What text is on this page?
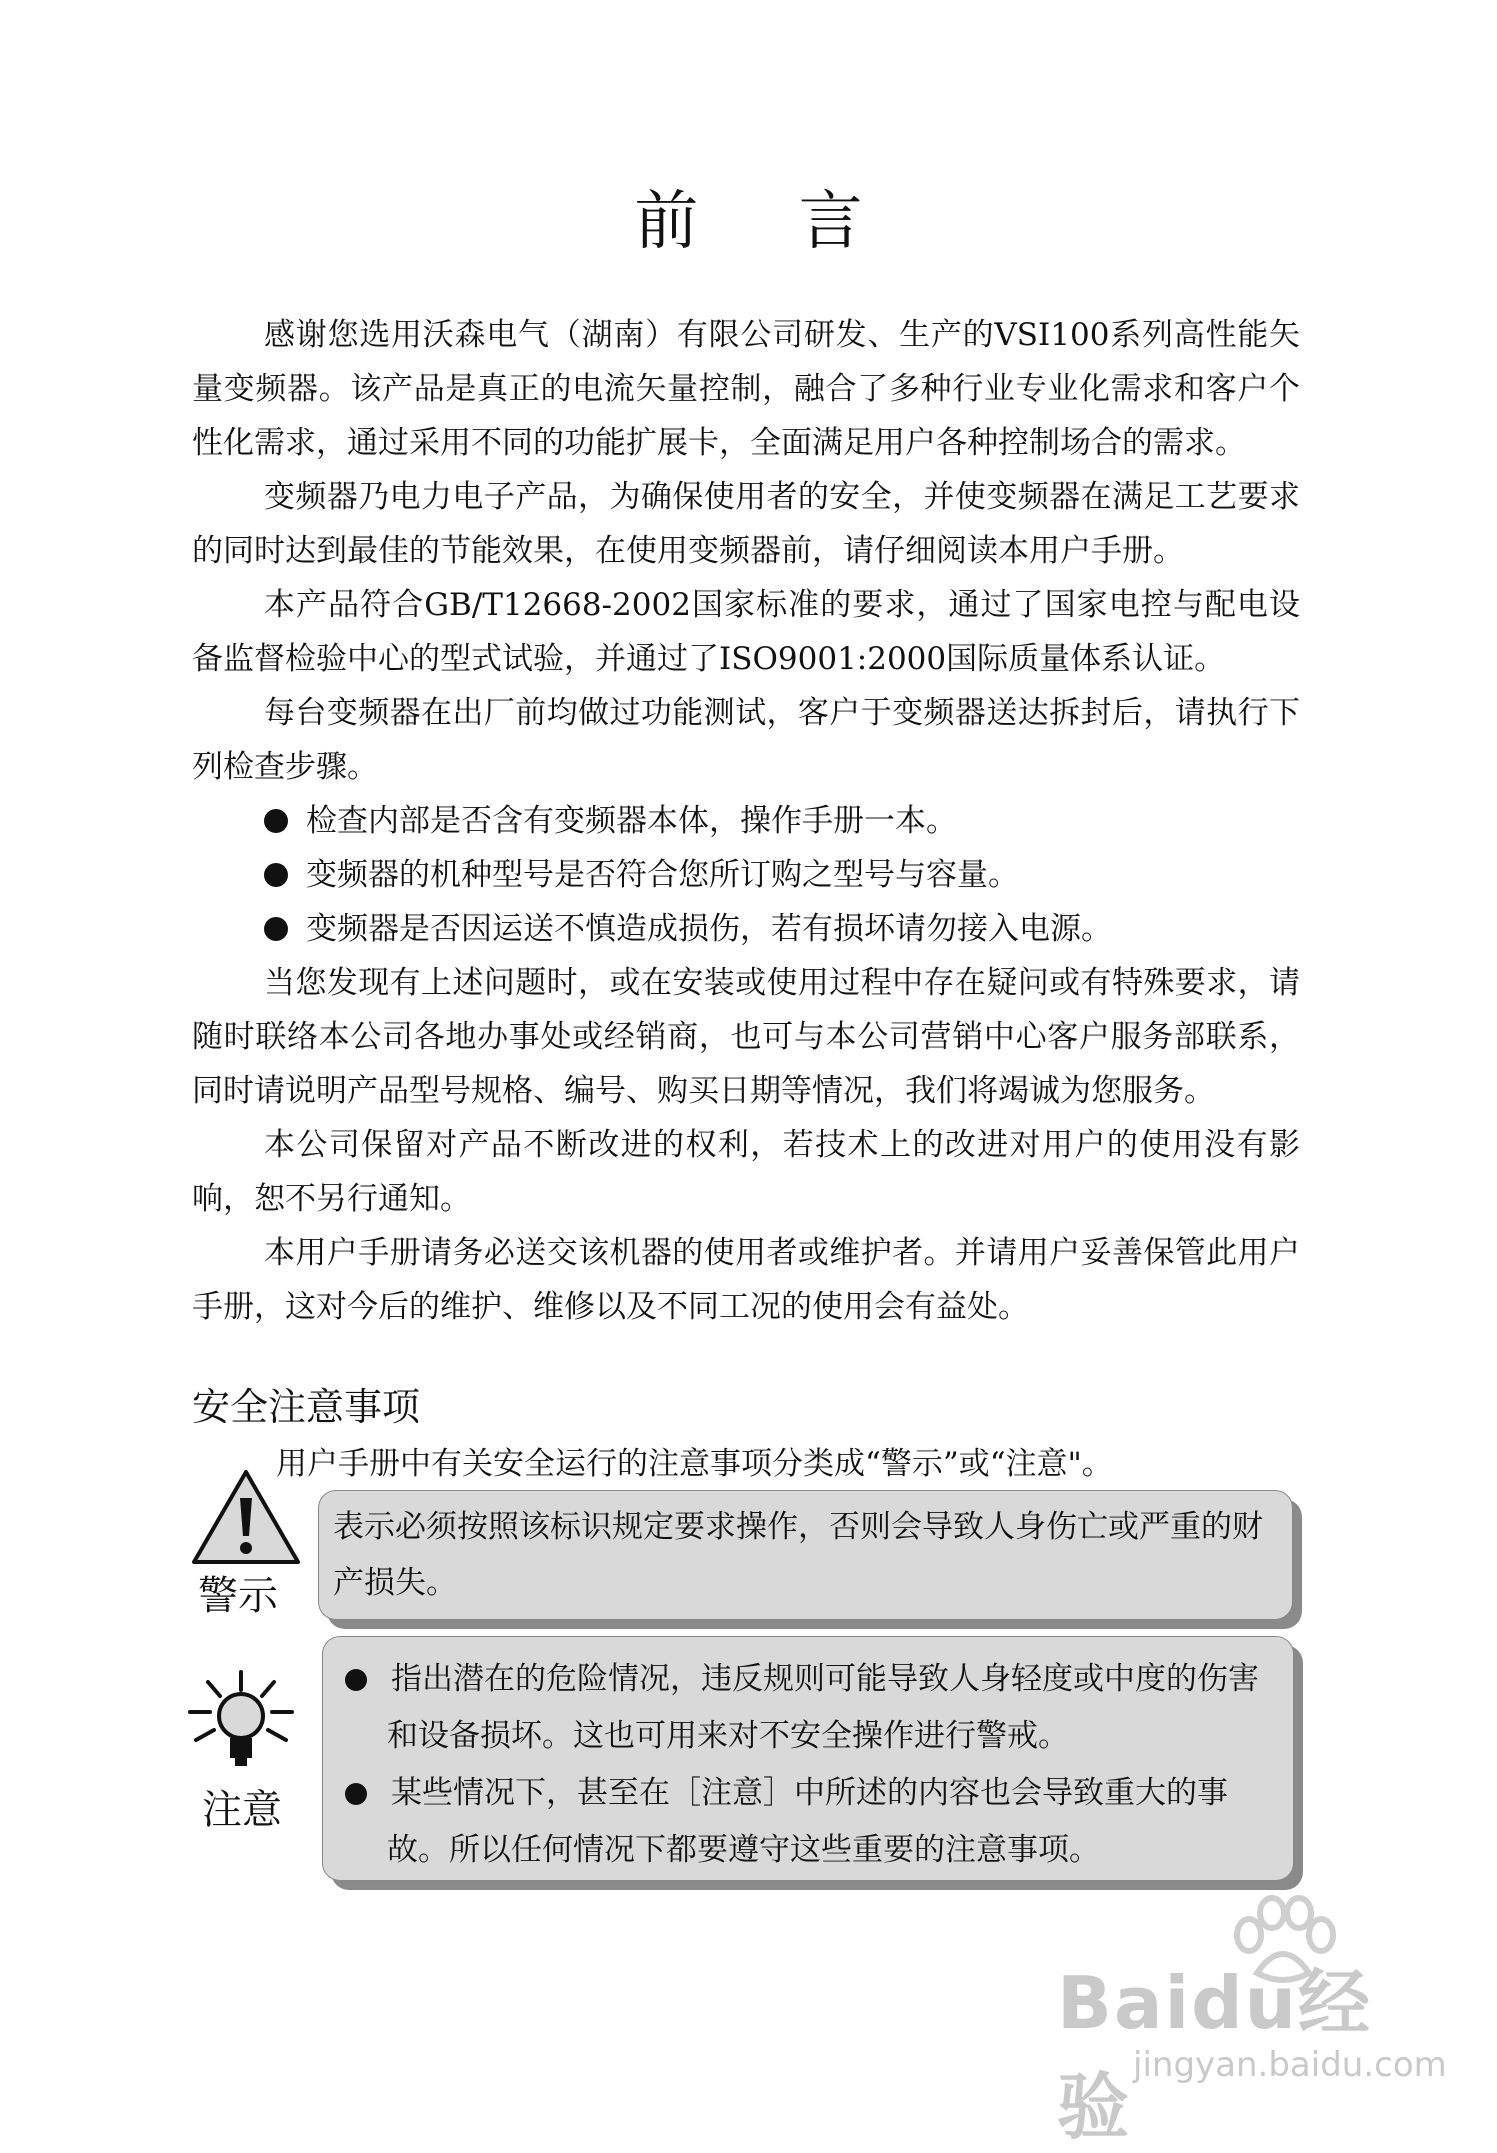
前 言

感谢您选用沃森电气（湖南）有限公司研发、生产的VSI100系列高性能矢量变频器。该产品是真正的电流矢量控制，融合了多种行业专业化需求和客户个性化需求，通过采用不同的功能扩展卡，全面满足用户各种控制场合的需求。

变频器乃电力电子产品，为确保使用者的安全，并使变频器在满足工艺要求的同时达到最佳的节能效果，在使用变频器前，请仔细阅读本用户手册。

本产品符合GB/T12668-2002国家标准的要求，通过了国家电控与配电设备监督检验中心的型式试验，并通过了ISO9001:2000国际质量体系认证。

每台变频器在出厂前均做过功能测试，客户于变频器送达拆封后，请执行下列检查步骤。

检查内部是否含有变频器本体，操作手册一本。
变频器的机种型号是否符合您所订购之型号与容量。
变频器是否因运送不慎造成损伤，若有损坏请勿接入电源。

当您发现有上述问题时，或在安装或使用过程中存在疑问或有特殊要求，请随时联络本公司各地办事处或经销商，也可与本公司营销中心客户服务部联系，同时请说明产品型号规格、编号、购买日期等情况，我们将竭诚为您服务。

本公司保留对产品不断改进的权利，若技术上的改进对用户的使用没有影响，恕不另行通知。

本用户手册请务必送交该机器的使用者或维护者。并请用户妥善保管此用户手册，这对今后的维护、维修以及不同工况的使用会有益处。

安全注意事项
用户手册中有关安全运行的注意事项分类成“警示”或“注意"。
警示
表示必须按照该标识规定要求操作，否则会导致人身伤亡或严重的财产损失。
注意
指出潜在的危险情况，违反规则可能导致人身轻度或中度的伤害和设备损坏。这也可用来对不安全操作进行警戒。
某些情况下，甚至在［注意］中所述的内容也会导致重大的事故。所以任何情况下都要遵守这些重要的注意事项。
Baidu经验 jingyan.baidu.com
